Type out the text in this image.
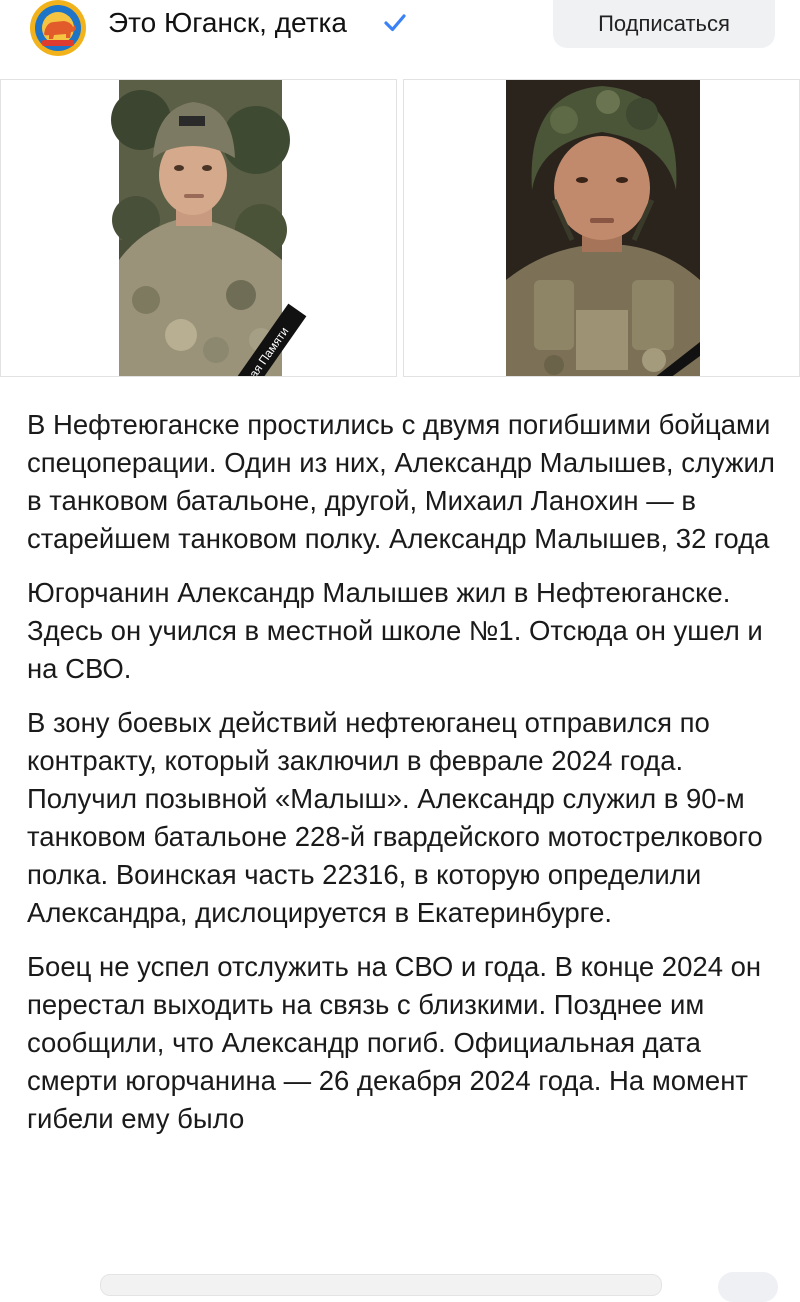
Это Юганск, детка	Подписаться

В Нефтеюганске простились с двумя погибшими бойцами спецоперации. Один из них, Александр Малышев, служил в танковом батальоне, другой, Михаил Ланохин — в старейшем танковом полку. Александр Малышев, 32 года

Югорчанин Александр Малышев жил в Нефтеюганске. Здесь он учился в местной школе №1. Отсюда он ушел и на СВО.

В зону боевых действий нефтеюганец отправился по контракту, который заключил в феврале 2024 года. Получил позывной «Малыш». Александр служил в 90-м танковом батальоне 228-й гвардейского мотострелкового полка. Воинская часть 22316, в которую определили Александра, дислоцируется в Екатеринбурге.

Боец не успел отслужить на СВО и года. В конце 2024 он перестал выходить на связь с близкими. Позднее им сообщили, что Александр погиб. Официальная дата смерти югорчанина — 26 декабря 2024 года. На момент гибели ему было
